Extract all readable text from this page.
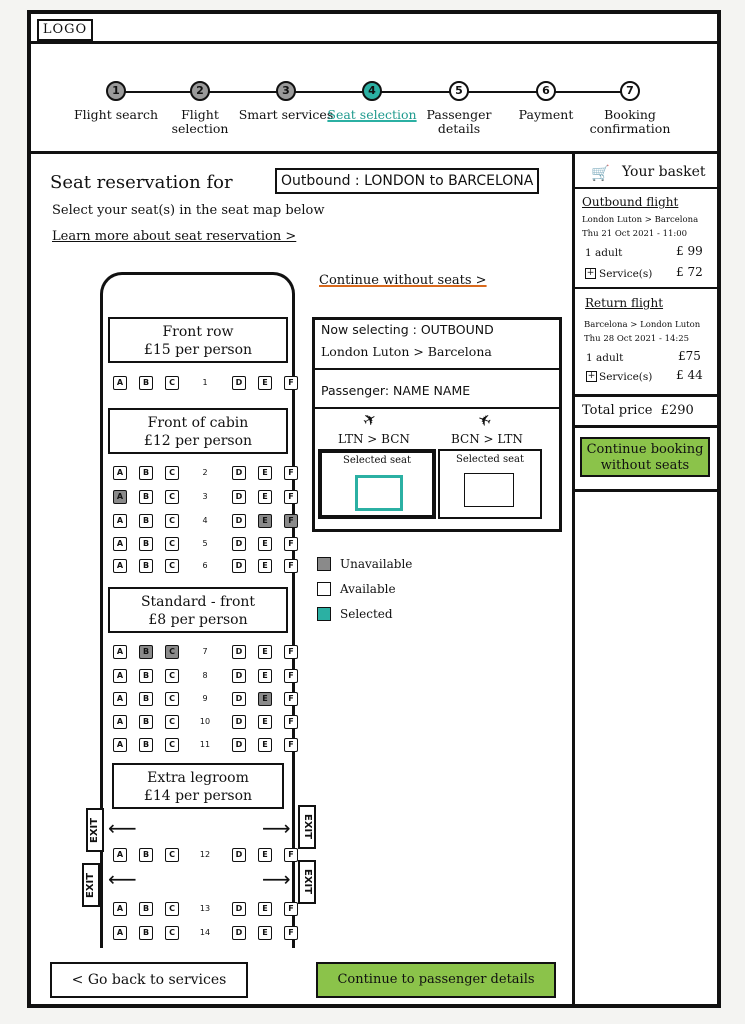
LOGO
1
Flight search
2
Flight selection
3
Smart services
4
Seat selection
5
Passenger details
6
Payment
7
Booking confirmation
Seat reservation for	Outbound : LONDON to BARCELONA
Select your seat(s) in the seat map below
Learn more about seat reservation >
Continue without seats >
Front row
£15 per person
Front of cabin
£12 per person
Standard - front
£8 per person
Extra legroom
£14 per person
A	B	C	D	E	F
1
A	B	C	D	E	F
2
A	B	C	D	E	F
3
A	B	C	D	E	F
4
A	B	C	D	E	F
5
A	B	C	D	E	F
6
A	B	C	D	E	F
7
A	B	C	D	E	F
8
A	B	C	D	E	F
9
A	B	C	D	E	F
10
A	B	C	D	E	F
11
A	B	C	D	E	F
12
A	B	C	D	E	F
13
A	B	C	D	E	F
14
⟵	⟶
⟵	⟶
EXIT	EXIT
EXIT	EXIT
Now selecting : OUTBOUND
London Luton > Barcelona
Passenger: NAME NAME
✈	✈
LTN > BCN	BCN > LTN
Selected seat	Selected seat
Unavailable
Available
Selected
🛒 Your basket
Outbound flight
London Luton > Barcelona
Thu 21 Oct 2021 - 11:00
1 adult	£ 99
+ Service(s) £ 72
Return flight
Barcelona > London Luton
Thu 28 Oct 2021 - 14:25
1 adult	£75
+ Service(s) £ 44
Total price  £290
Continue booking without seats
< Go back to services	Continue to passenger details
